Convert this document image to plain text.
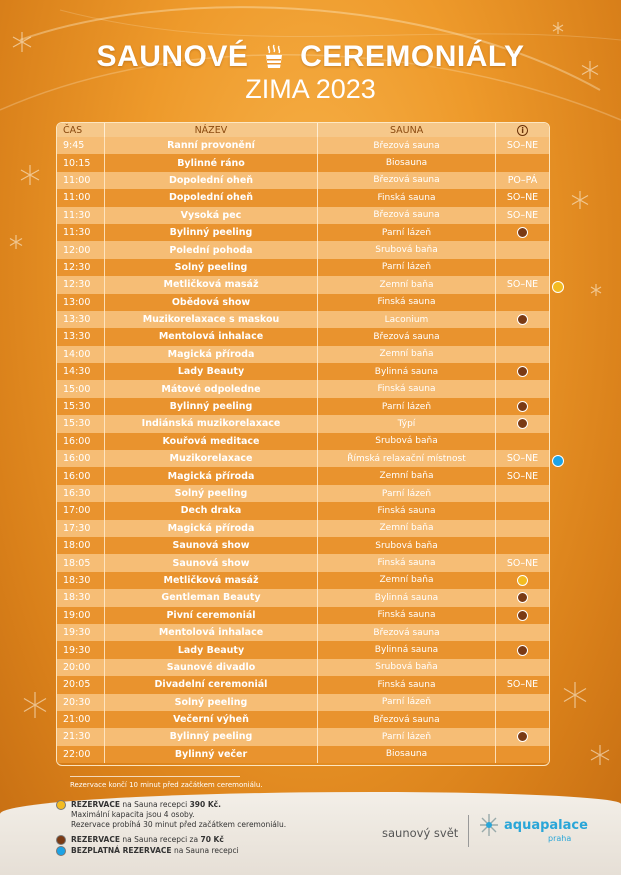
SAUNOVÉ CEREMONIÁLY
ZIMA 2023
ČAS	NÁZEV	SAUNA	i
9:45	Ranní provonění	Březová sauna	SO–NE
10:15	Bylinné ráno	Biosauna
11:00	Dopolední oheň	Březová sauna	PO–PÁ
11:00	Dopolední oheň	Finská sauna	SO–NE
11:30	Vysoká pec	Březová sauna	SO–NE
11:30	Bylinný peeling	Parní lázeň
12:00	Polední pohoda	Srubová baňa
12:30	Solný peeling	Parní lázeň
12:30	Metličková masáž	Zemní baňa	SO–NE
13:00	Obědová show	Finská sauna
13:30	Muzikorelaxace s maskou	Laconium
13:30	Mentolová inhalace	Březová sauna
14:00	Magická příroda	Zemní baňa
14:30	Lady Beauty	Bylinná sauna
15:00	Mátové odpoledne	Finská sauna
15:30	Bylinný peeling	Parní lázeň
15:30	Indiánská muzikorelaxace	Týpí
16:00	Kouřová meditace	Srubová baňa
16:00	Muzikorelaxace	Římská relaxační místnost	SO–NE
16:00	Magická příroda	Zemní baňa	SO–NE
16:30	Solný peeling	Parní lázeň
17:00	Dech draka	Finská sauna
17:30	Magická příroda	Zemní baňa
18:00	Saunová show	Srubová baňa
18:05	Saunová show	Finská sauna	SO–NE
18:30	Metličková masáž	Zemní baňa
18:30	Gentleman Beauty	Bylinná sauna
19:00	Pivní ceremoniál	Finská sauna
19:30	Mentolová inhalace	Březová sauna
19:30	Lady Beauty	Bylinná sauna
20:00	Saunové divadlo	Srubová baňa
20:05	Divadelní ceremoniál	Finská sauna	SO–NE
20:30	Solný peeling	Parní lázeň
21:00	Večerní výheň	Březová sauna
21:30	Bylinný peeling	Parní lázeň
22:00	Bylinný večer	Biosauna
Rezervace končí 10 minut před začátkem ceremoniálu.
REZERVACE na Sauna recepci 390 Kč.
Maximální kapacita jsou 4 osoby.
Rezervace probíhá 30 minut před začátkem ceremoniálu.
REZERVACE na Sauna recepci za 70 Kč
BEZPLATNÁ REZERVACE na Sauna recepci
saunový svět	aquapalace
praha
